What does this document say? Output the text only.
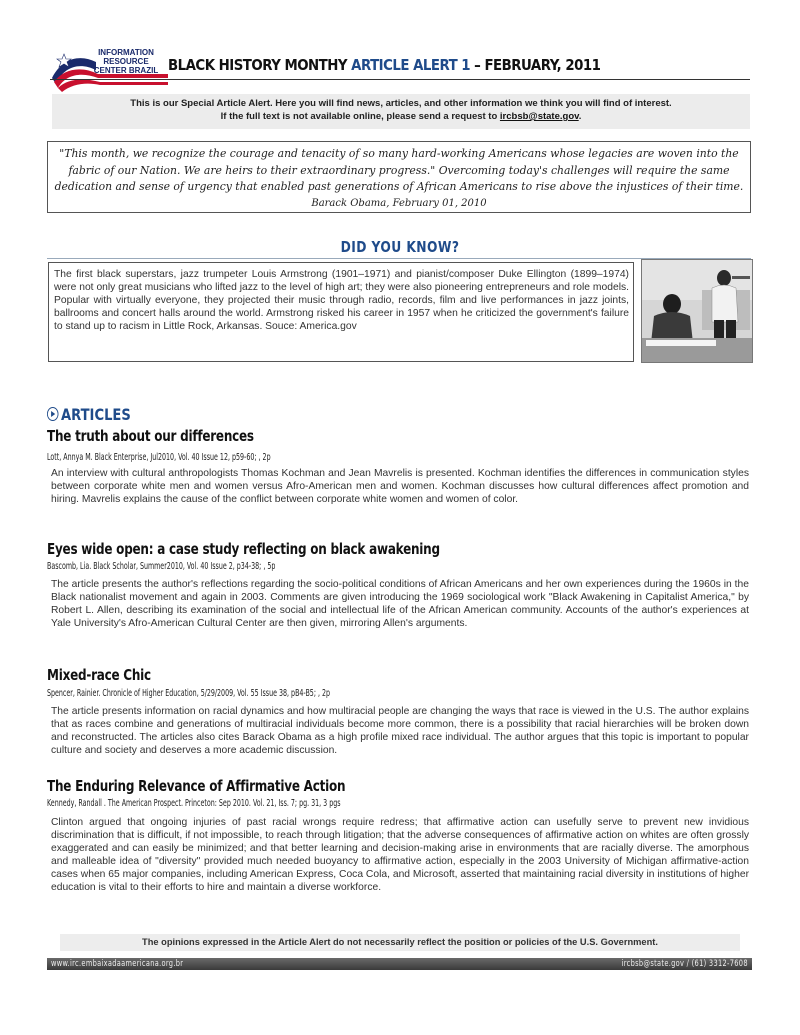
INFORMATION RESOURCE CENTER BRAZIL BLACK HISTORY MONTHY ARTICLE ALERT 1 – FEBRUARY, 2011
This is our Special Article Alert. Here you will find news, articles, and other information we think you will find of interest.
If the full text is not available online, please send a request to ircbsb@state.gov.
"This month, we recognize the courage and tenacity of so many hard-working Americans whose legacies are woven into the fabric of our Nation. We are heirs to their extraordinary progress." Overcoming today's challenges will require the same dedication and sense of urgency that enabled past generations of African Americans to rise above the injustices of their time.
Barack Obama, February 01, 2010
DID YOU KNOW?
The first black superstars, jazz trumpeter Louis Armstrong (1901–1971) and pianist/composer Duke Ellington (1899–1974) were not only great musicians who lifted jazz to the level of high art; they were also pioneering entrepreneurs and role models. Popular with virtually everyone, they projected their music through radio, records, film and live performances in jazz joints, ballrooms and concert halls around the world. Armstrong risked his career in 1957 when he criticized the government's failure to stand up to racism in Little Rock, Arkansas. Souce: America.gov
ARTICLES
The truth about our differences
Lott, Annya M. Black Enterprise, Jul2010, Vol. 40 Issue 12, p59-60; , 2p
An interview with cultural anthropologists Thomas Kochman and Jean Mavrelis is presented. Kochman identifies the differences in communication styles between corporate white men and women versus Afro-American men and women. Kochman discusses how cultural differences affect promotion and hiring. Mavrelis explains the cause of the conflict between corporate white women and women of color.
Eyes wide open: a case study reflecting on black awakening
Bascomb, Lia. Black Scholar, Summer2010, Vol. 40 Issue 2, p34-38; , 5p
The article presents the author's reflections regarding the socio-political conditions of African Americans and her own experiences during the 1960s in the Black nationalist movement and again in 2003. Comments are given introducing the 1969 sociological work "Black Awakening in Capitalist America," by Robert L. Allen, describing its examination of the social and intellectual life of the African American community. Accounts of the author's experiences at Yale University's Afro-American Cultural Center are then given, mirroring Allen's arguments.
Mixed-race Chic
Spencer, Rainier. Chronicle of Higher Education, 5/29/2009, Vol. 55 Issue 38, pB4-B5; , 2p
The article presents information on racial dynamics and how multiracial people are changing the ways that race is viewed in the U.S. The author explains that as races combine and generations of multiracial individuals become more common, there is a possibility that racial hierarchies will be broken down and reconstructed. The articles also cites Barack Obama as a high profile mixed race individual. The author argues that this topic is important to popular culture and society and deserves a more academic discussion.
The Enduring Relevance of Affirmative Action
Kennedy, Randall . The American Prospect. Princeton: Sep 2010. Vol. 21, Iss. 7; pg. 31, 3 pgs
Clinton argued that ongoing injuries of past racial wrongs require redress; that affirmative action can usefully serve to prevent new invidious discrimination that is difficult, if not impossible, to reach through litigation; that the adverse consequences of affirmative action on whites are often grossly exaggerated and can easily be minimized; and that better learning and decision-making arise in environments that are racially diverse. The amorphous and malleable idea of "diversity" provided much needed buoyancy to affirmative action, especially in the 2003 University of Michigan affirmative-action cases when 65 major companies, including American Express, Coca Cola, and Microsoft, asserted that maintaining racial diversity in institutions of higher education is vital to their efforts to hire and maintain a diverse workforce.
The opinions expressed in the Article Alert do not necessarily reflect the position or policies of the U.S. Government.
www.irc.embaixadaamericana.org.br	ircbsb@state.gov / (61) 3312-7608
